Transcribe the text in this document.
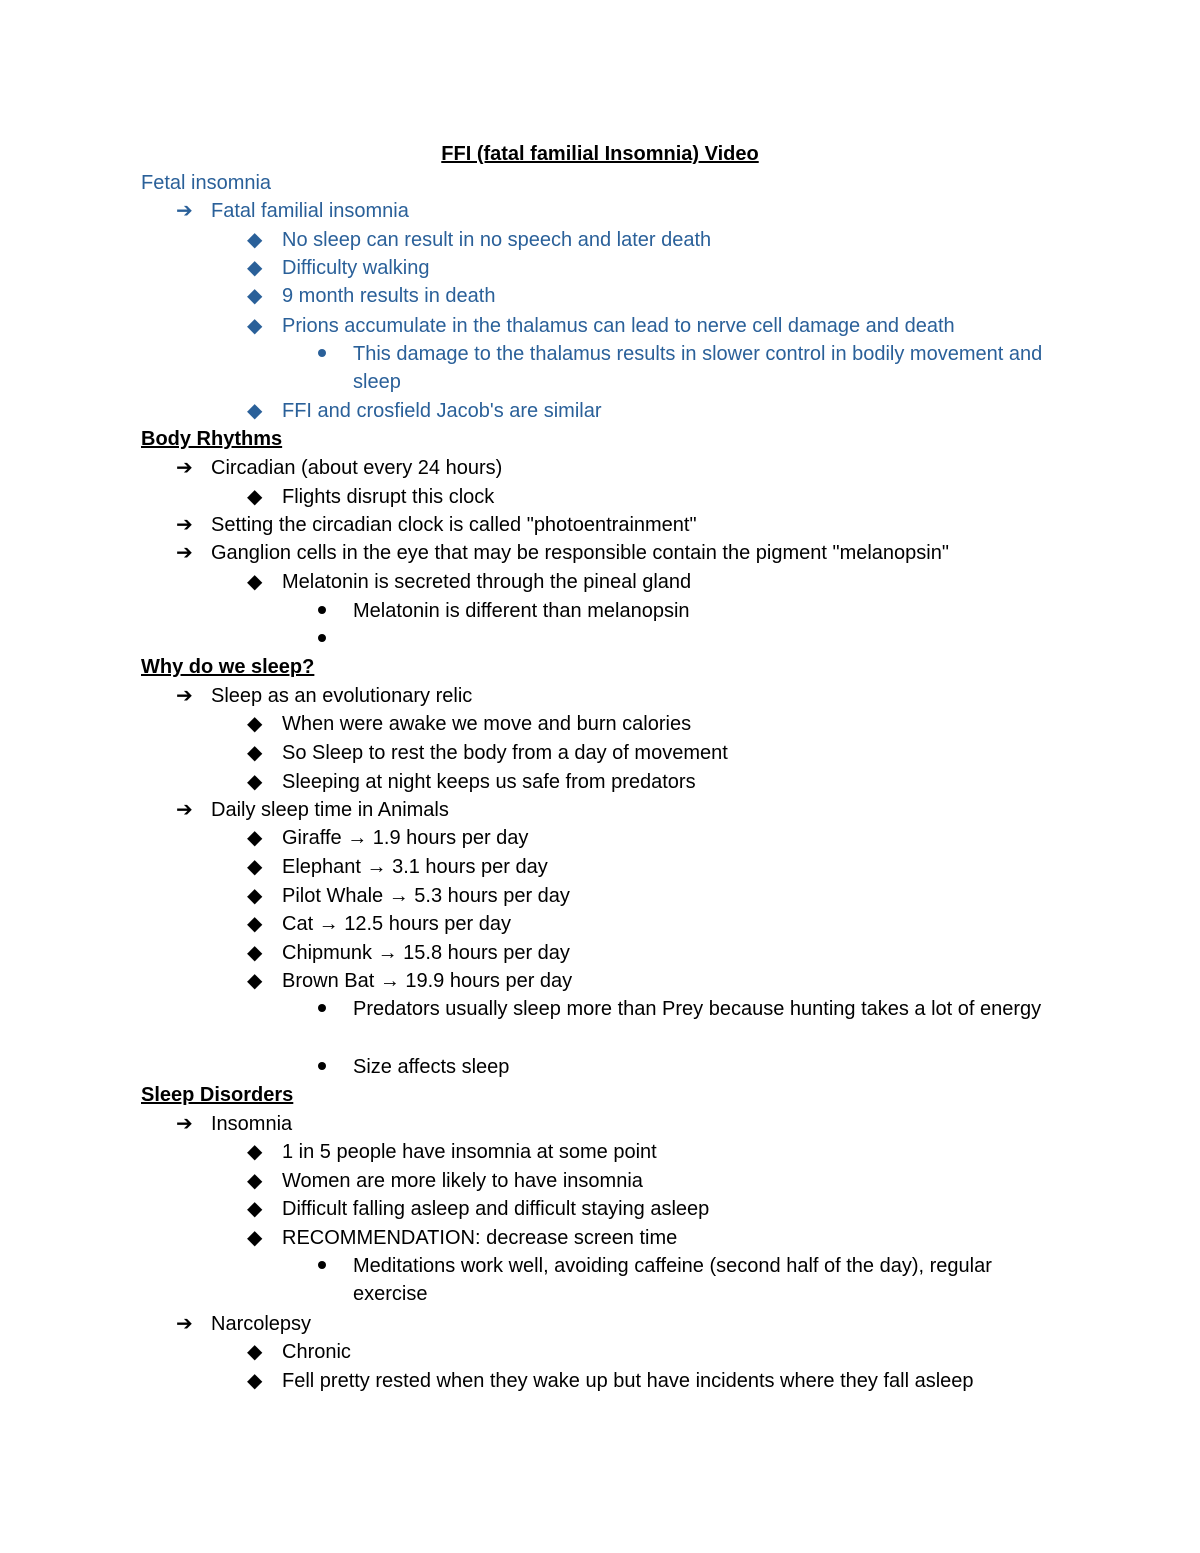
FFI (fatal familial Insomnia) Video
Fetal insomnia
➔
Fatal familial insomnia
◆
No sleep can result in no speech and later death
◆
Difficulty walking
◆
9 month results in death
◆
Prions accumulate in the thalamus can lead to nerve cell damage and death
This damage to the thalamus results in slower control in bodily movement and sleep
◆
FFI and crosfield Jacob's are similar
Body Rhythms
➔
Circadian (about every 24 hours)
◆
Flights disrupt this clock
➔
Setting the circadian clock is called "photoentrainment"
➔
Ganglion cells in the eye that may be responsible contain the pigment "melanopsin"
◆
Melatonin is secreted through the pineal gland
Melatonin is different than melanopsin
Why do we sleep?
➔
Sleep as an evolutionary relic
◆
When were awake we move and burn calories
◆
So Sleep to rest the body from a day of movement
◆
Sleeping at night keeps us safe from predators
➔
Daily sleep time in Animals
◆
Giraffe → 1.9 hours per day
◆
Elephant → 3.1 hours per day
◆
Pilot Whale → 5.3 hours per day
◆
Cat → 12.5 hours per day
◆
Chipmunk → 15.8 hours per day
◆
Brown Bat → 19.9 hours per day
Predators usually sleep more than Prey because hunting takes a lot of energy
Size affects sleep
Sleep Disorders
➔
Insomnia
◆
1 in 5 people have insomnia at some point
◆
Women are more likely to have insomnia
◆
Difficult falling asleep and difficult staying asleep
◆
RECOMMENDATION: decrease screen time
Meditations work well, avoiding caffeine (second half of the day), regular exercise
➔
Narcolepsy
◆
Chronic
◆
Fell pretty rested when they wake up but have incidents where they fall asleep
